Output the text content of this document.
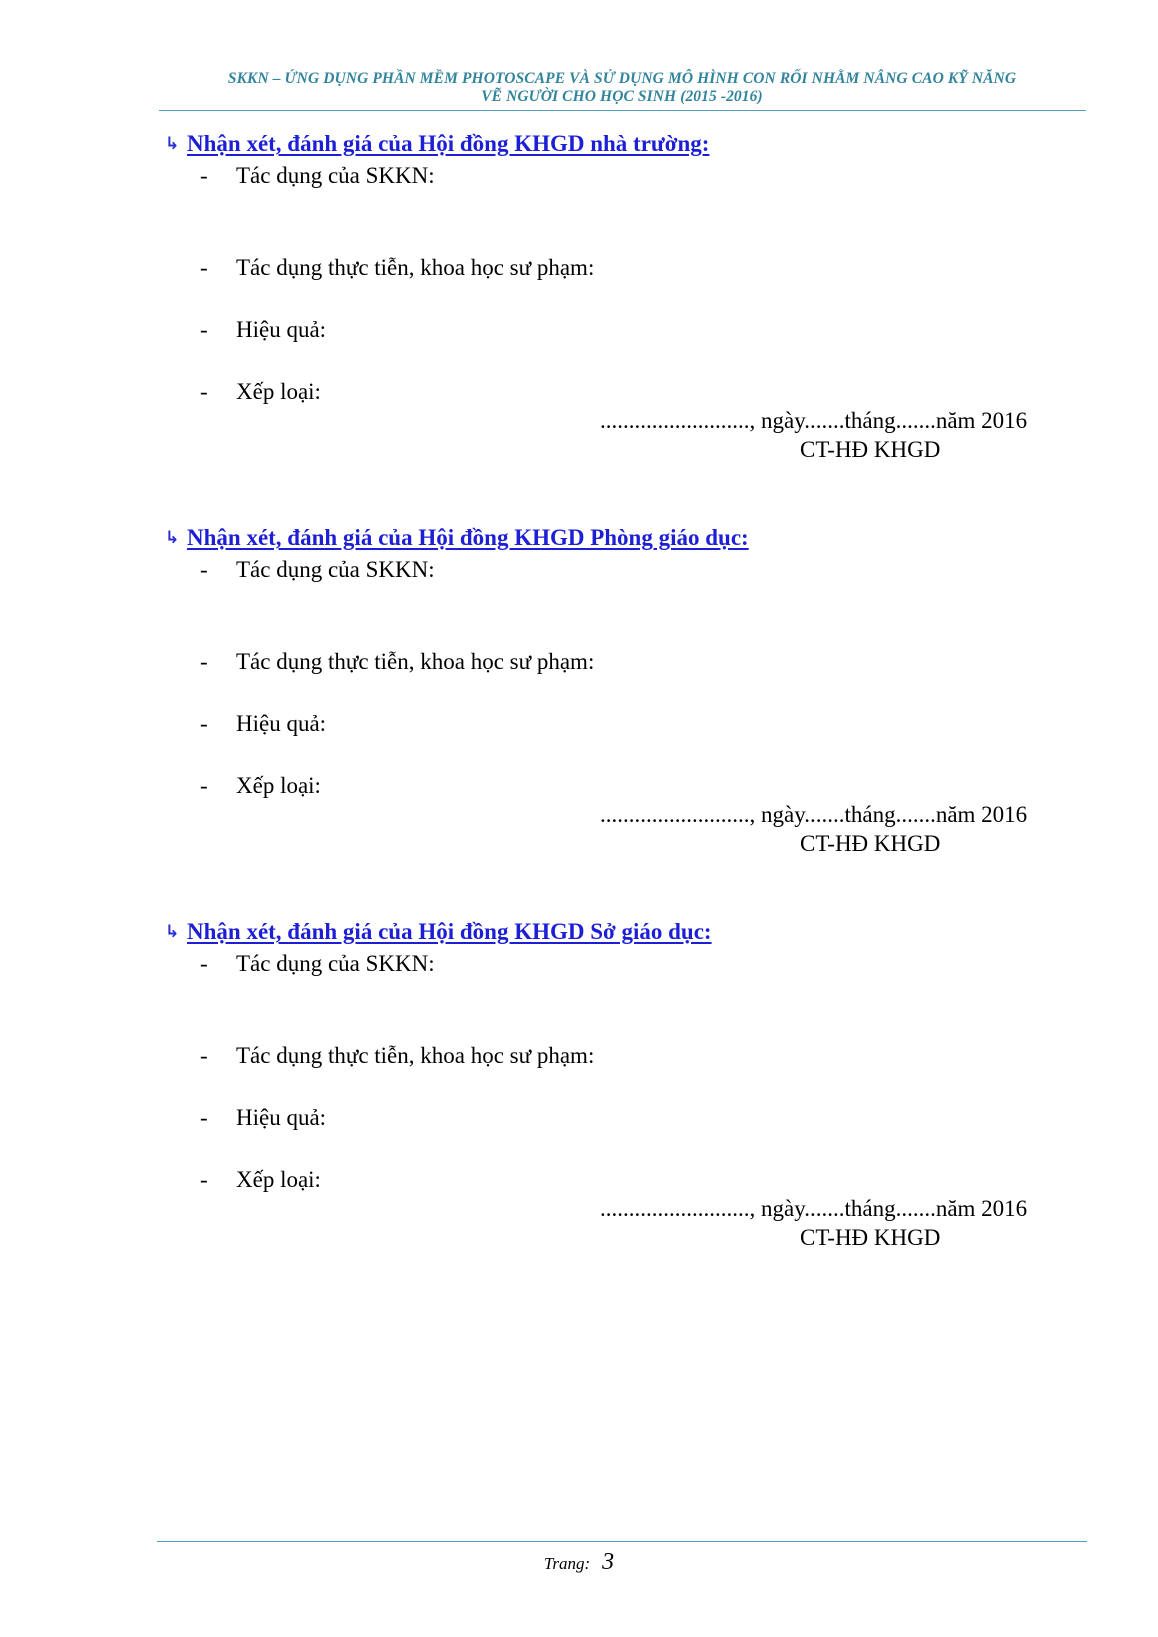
SKKN – ỨNG DỤNG PHẦN MỀM PHOTOSCAPE VÀ SỬ DỤNG MÔ HÌNH CON RỐI NHẰM NÂNG CAO KỸ NĂNG
VẼ NGƯỜI CHO HỌC SINH (2015 -2016)
↳ Nhận xét, đánh giá của Hội đồng KHGD nhà trường:
- Tác dụng của SKKN:
- Tác dụng thực tiễn, khoa học sư phạm:
- Hiệu quả:
- Xếp loại:
.........................., ngày.......tháng.......năm 2016
CT-HĐ KHGD
↳ Nhận xét, đánh giá của Hội đồng KHGD Phòng giáo dục:
- Tác dụng của SKKN:
- Tác dụng thực tiễn, khoa học sư phạm:
- Hiệu quả:
- Xếp loại:
.........................., ngày.......tháng.......năm 2016
CT-HĐ KHGD
↳ Nhận xét, đánh giá của Hội đồng KHGD Sở giáo dục:
- Tác dụng của SKKN:
- Tác dụng thực tiễn, khoa học sư phạm:
- Hiệu quả:
- Xếp loại:
.........................., ngày.......tháng.......năm 2016
CT-HĐ KHGD
Trang: 3
